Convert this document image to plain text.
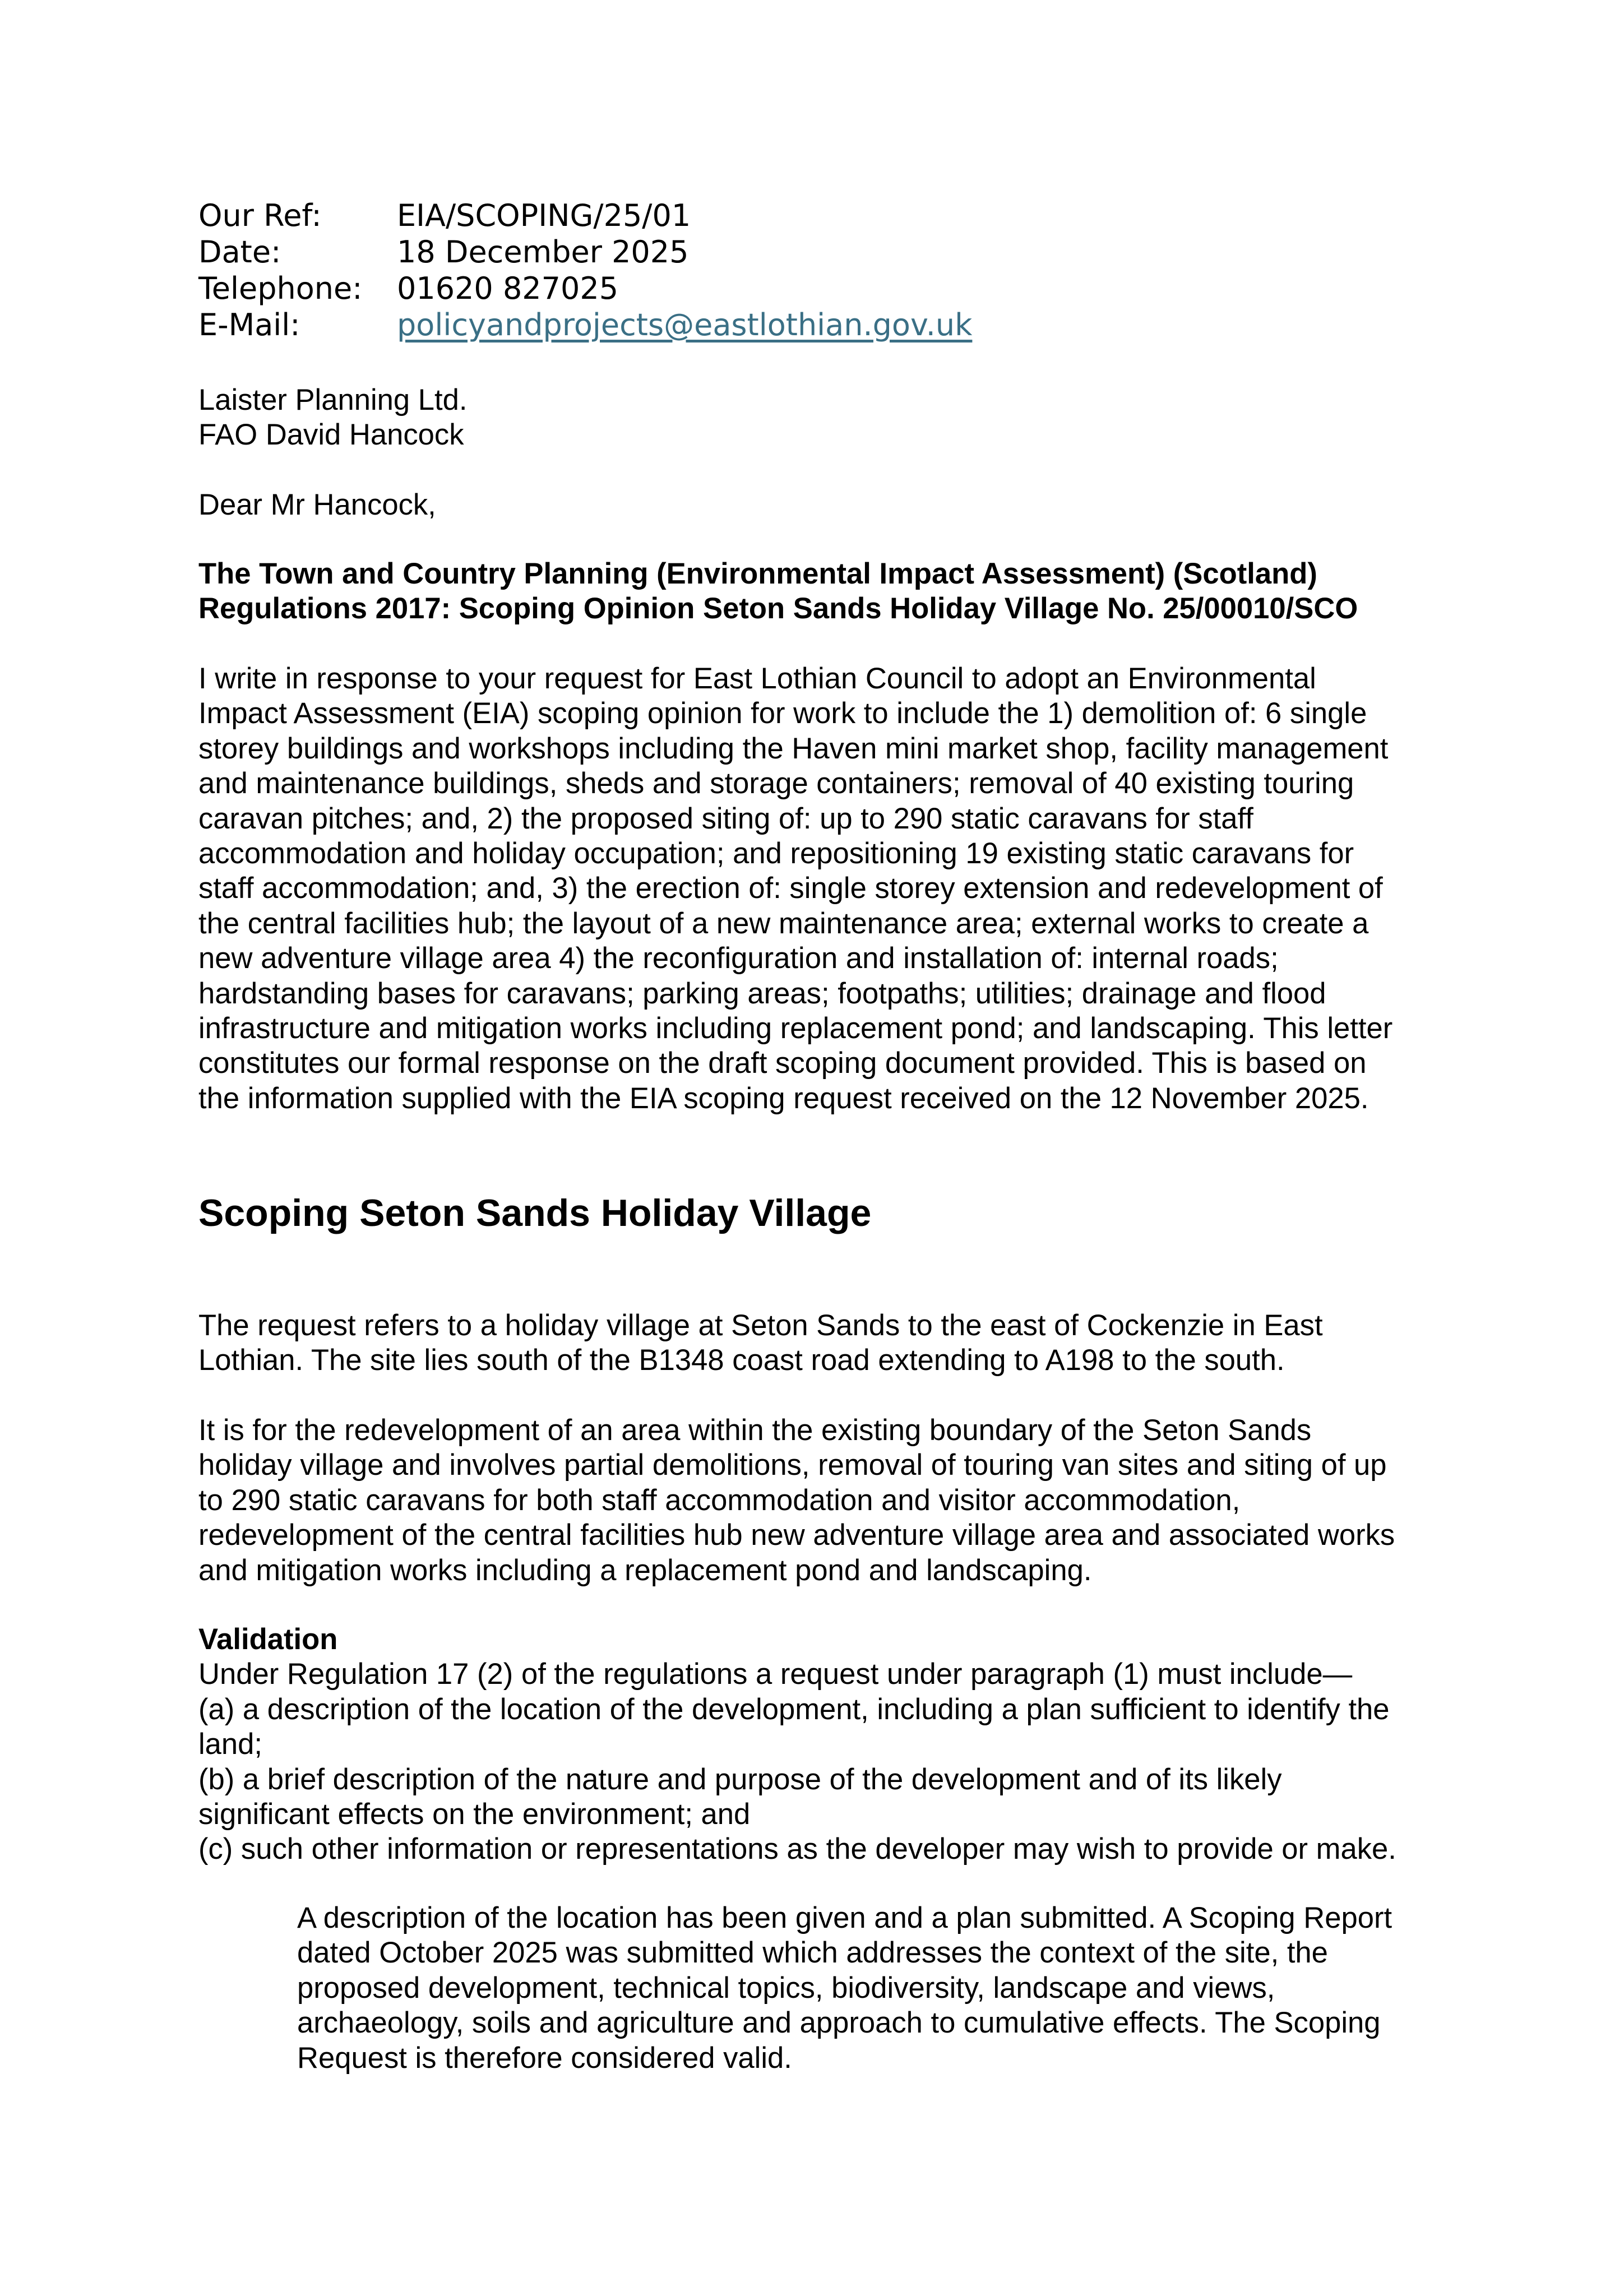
Our Ref:	EIA/SCOPING/25/01
Date:	18 December 2025
Telephone:	01620 827025
E-Mail:	policyandprojects@eastlothian.gov.uk
Laister Planning Ltd.
FAO David Hancock

Dear Mr Hancock,

The Town and Country Planning (Environmental Impact Assessment) (Scotland)
Regulations 2017: Scoping Opinion Seton Sands Holiday Village No. 25/00010/SCO
I write in response to your request for East Lothian Council to adopt an Environmental
Impact Assessment (EIA) scoping opinion for work to include the 1) demolition of: 6 single
storey buildings and workshops including the Haven mini market shop, facility management
and maintenance buildings, sheds and storage containers; removal of 40 existing touring
caravan pitches; and, 2) the proposed siting of: up to 290 static caravans for staff
accommodation and holiday occupation; and repositioning 19 existing static caravans for
staff accommodation; and, 3) the erection of: single storey extension and redevelopment of
the central facilities hub; the layout of a new maintenance area; external works to create a
new adventure village area 4) the reconfiguration and installation of: internal roads;
hardstanding bases for caravans; parking areas; footpaths; utilities; drainage and flood
infrastructure and mitigation works including replacement pond; and landscaping. This letter
constitutes our formal response on the draft scoping document provided. This is based on
the information supplied with the EIA scoping request received on the 12 November 2025.
Scoping Seton Sands Holiday Village
The request refers to a holiday village at Seton Sands to the east of Cockenzie in East
Lothian. The site lies south of the B1348 coast road extending to A198 to the south.
It is for the redevelopment of an area within the existing boundary of the Seton Sands
holiday village and involves partial demolitions, removal of touring van sites and siting of up
to 290 static caravans for both staff accommodation and visitor accommodation,
redevelopment of the central facilities hub new adventure village area and associated works
and mitigation works including a replacement pond and landscaping.
Validation
Under Regulation 17 (2) of the regulations a request under paragraph (1) must include—
(a) a description of the location of the development, including a plan sufficient to identify the
land;
(b) a brief description of the nature and purpose of the development and of its likely
significant effects on the environment; and
(c) such other information or representations as the developer may wish to provide or make.
A description of the location has been given and a plan submitted. A Scoping Report
dated October 2025 was submitted which addresses the context of the site, the
proposed development, technical topics, biodiversity, landscape and views,
archaeology, soils and agriculture and approach to cumulative effects. The Scoping
Request is therefore considered valid.
